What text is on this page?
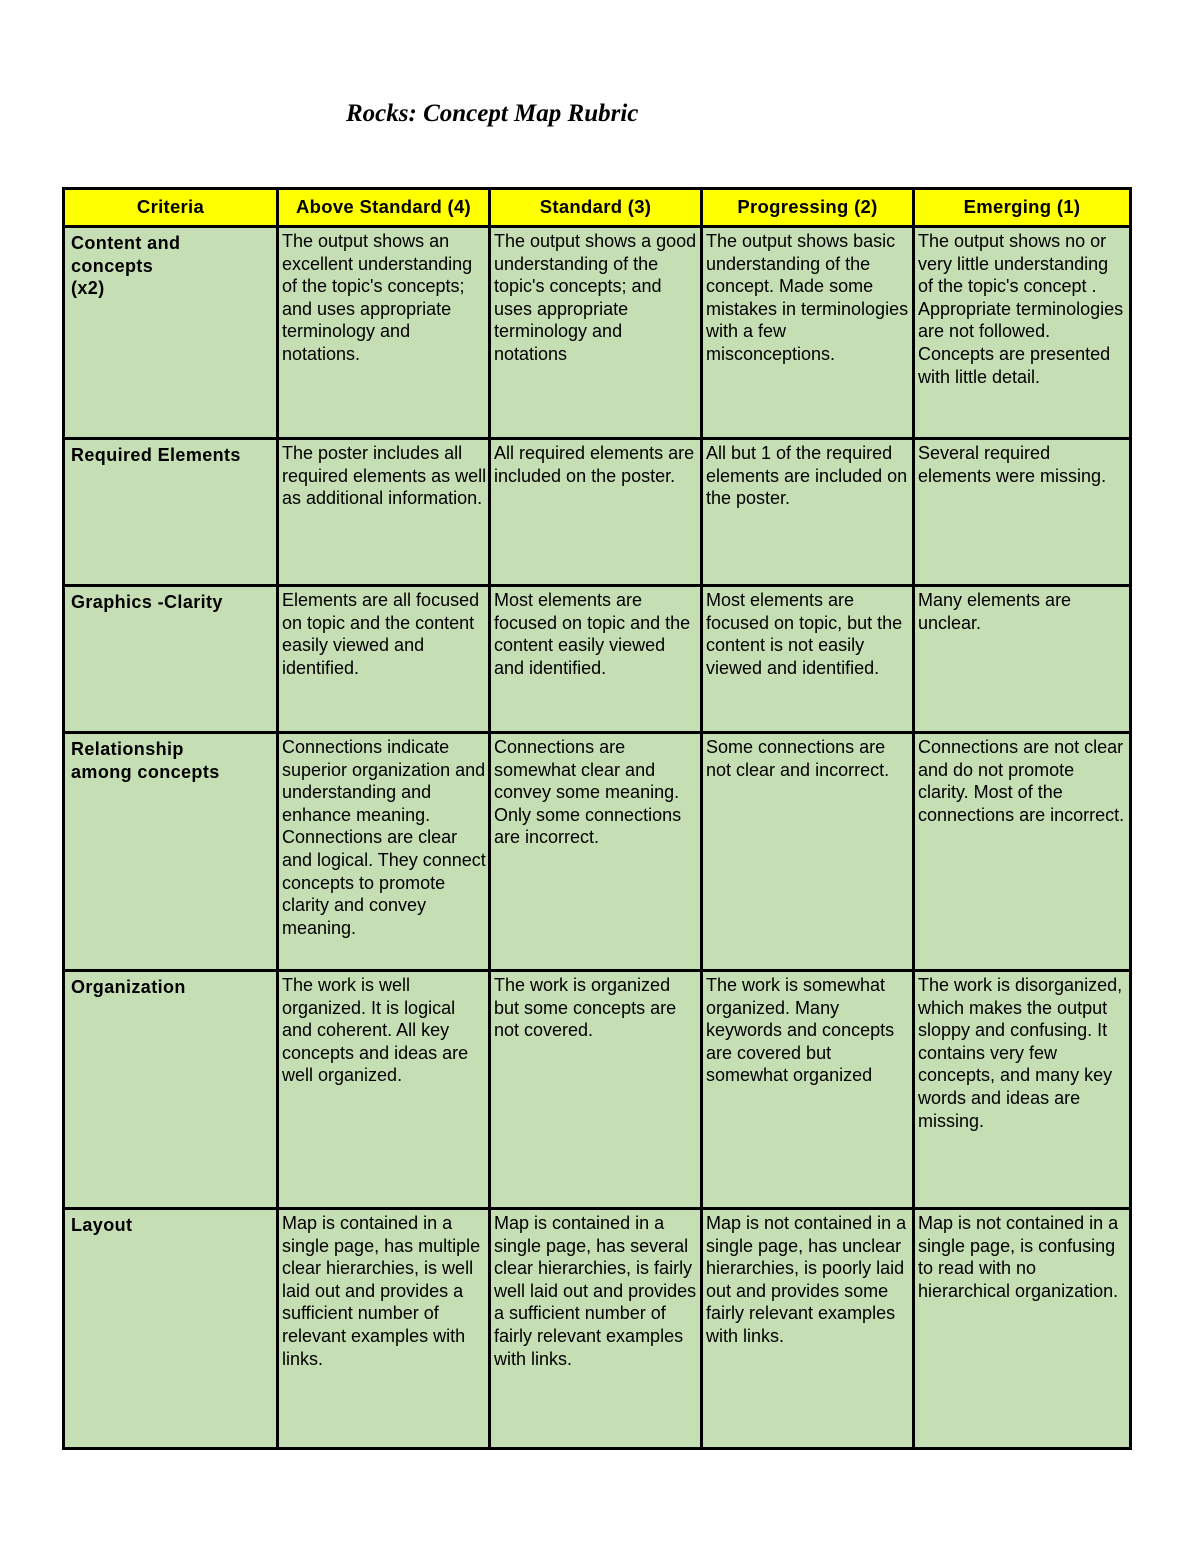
Rocks: Concept Map Rubric
Criteria	Above Standard (4)	Standard (3)	Progressing (2)	Emerging (1)
Content and
concepts
(x2)	The output shows an excellent understanding of the topic's concepts; and uses appropriate terminology and notations.	The output shows a good understanding of the topic's concepts; and uses appropriate terminology and notations	The output shows basic understanding of the concept. Made some mistakes in terminologies with a few misconceptions.	The output shows no or very little understanding of the topic's concept . Appropriate terminologies are not followed. Concepts are presented with little detail.
Required Elements	The poster includes all required elements as well as additional information.	All required elements are included on the poster.	All but 1 of the required elements are included on the poster.	Several required elements were missing.
Graphics -Clarity	Elements are all focused on topic and the content easily viewed and identified.	Most elements are focused on topic and the content easily viewed and identified.	Most elements are focused on topic, but the content is not easily viewed and identified.	Many elements are unclear.
Relationship
among concepts	Connections indicate superior organization and understanding and enhance meaning. Connections are clear and logical. They connect concepts to promote clarity and convey meaning.	Connections are somewhat clear and convey some meaning. Only some connections are incorrect.	Some connections are not clear and incorrect.	Connections are not clear and do not promote clarity. Most of the connections are incorrect.
Organization	The work is well organized. It is logical and coherent. All key concepts and ideas are well organized.	The work is organized but some concepts are not covered.	The work is somewhat organized. Many keywords and concepts are covered but somewhat organized	The work is disorganized, which makes the output sloppy and confusing. It contains very few concepts, and many key words and ideas are missing.
Layout	Map is contained in a single page, has multiple clear hierarchies, is well laid out and provides a sufficient number of relevant examples with links.	Map is contained in a single page, has several clear hierarchies, is fairly well laid out and provides a sufficient number of fairly relevant examples with links.	Map is not contained in a single page, has unclear hierarchies, is poorly laid out and provides some fairly relevant examples with links.	Map is not contained in a single page, is confusing to read with no hierarchical organization.
